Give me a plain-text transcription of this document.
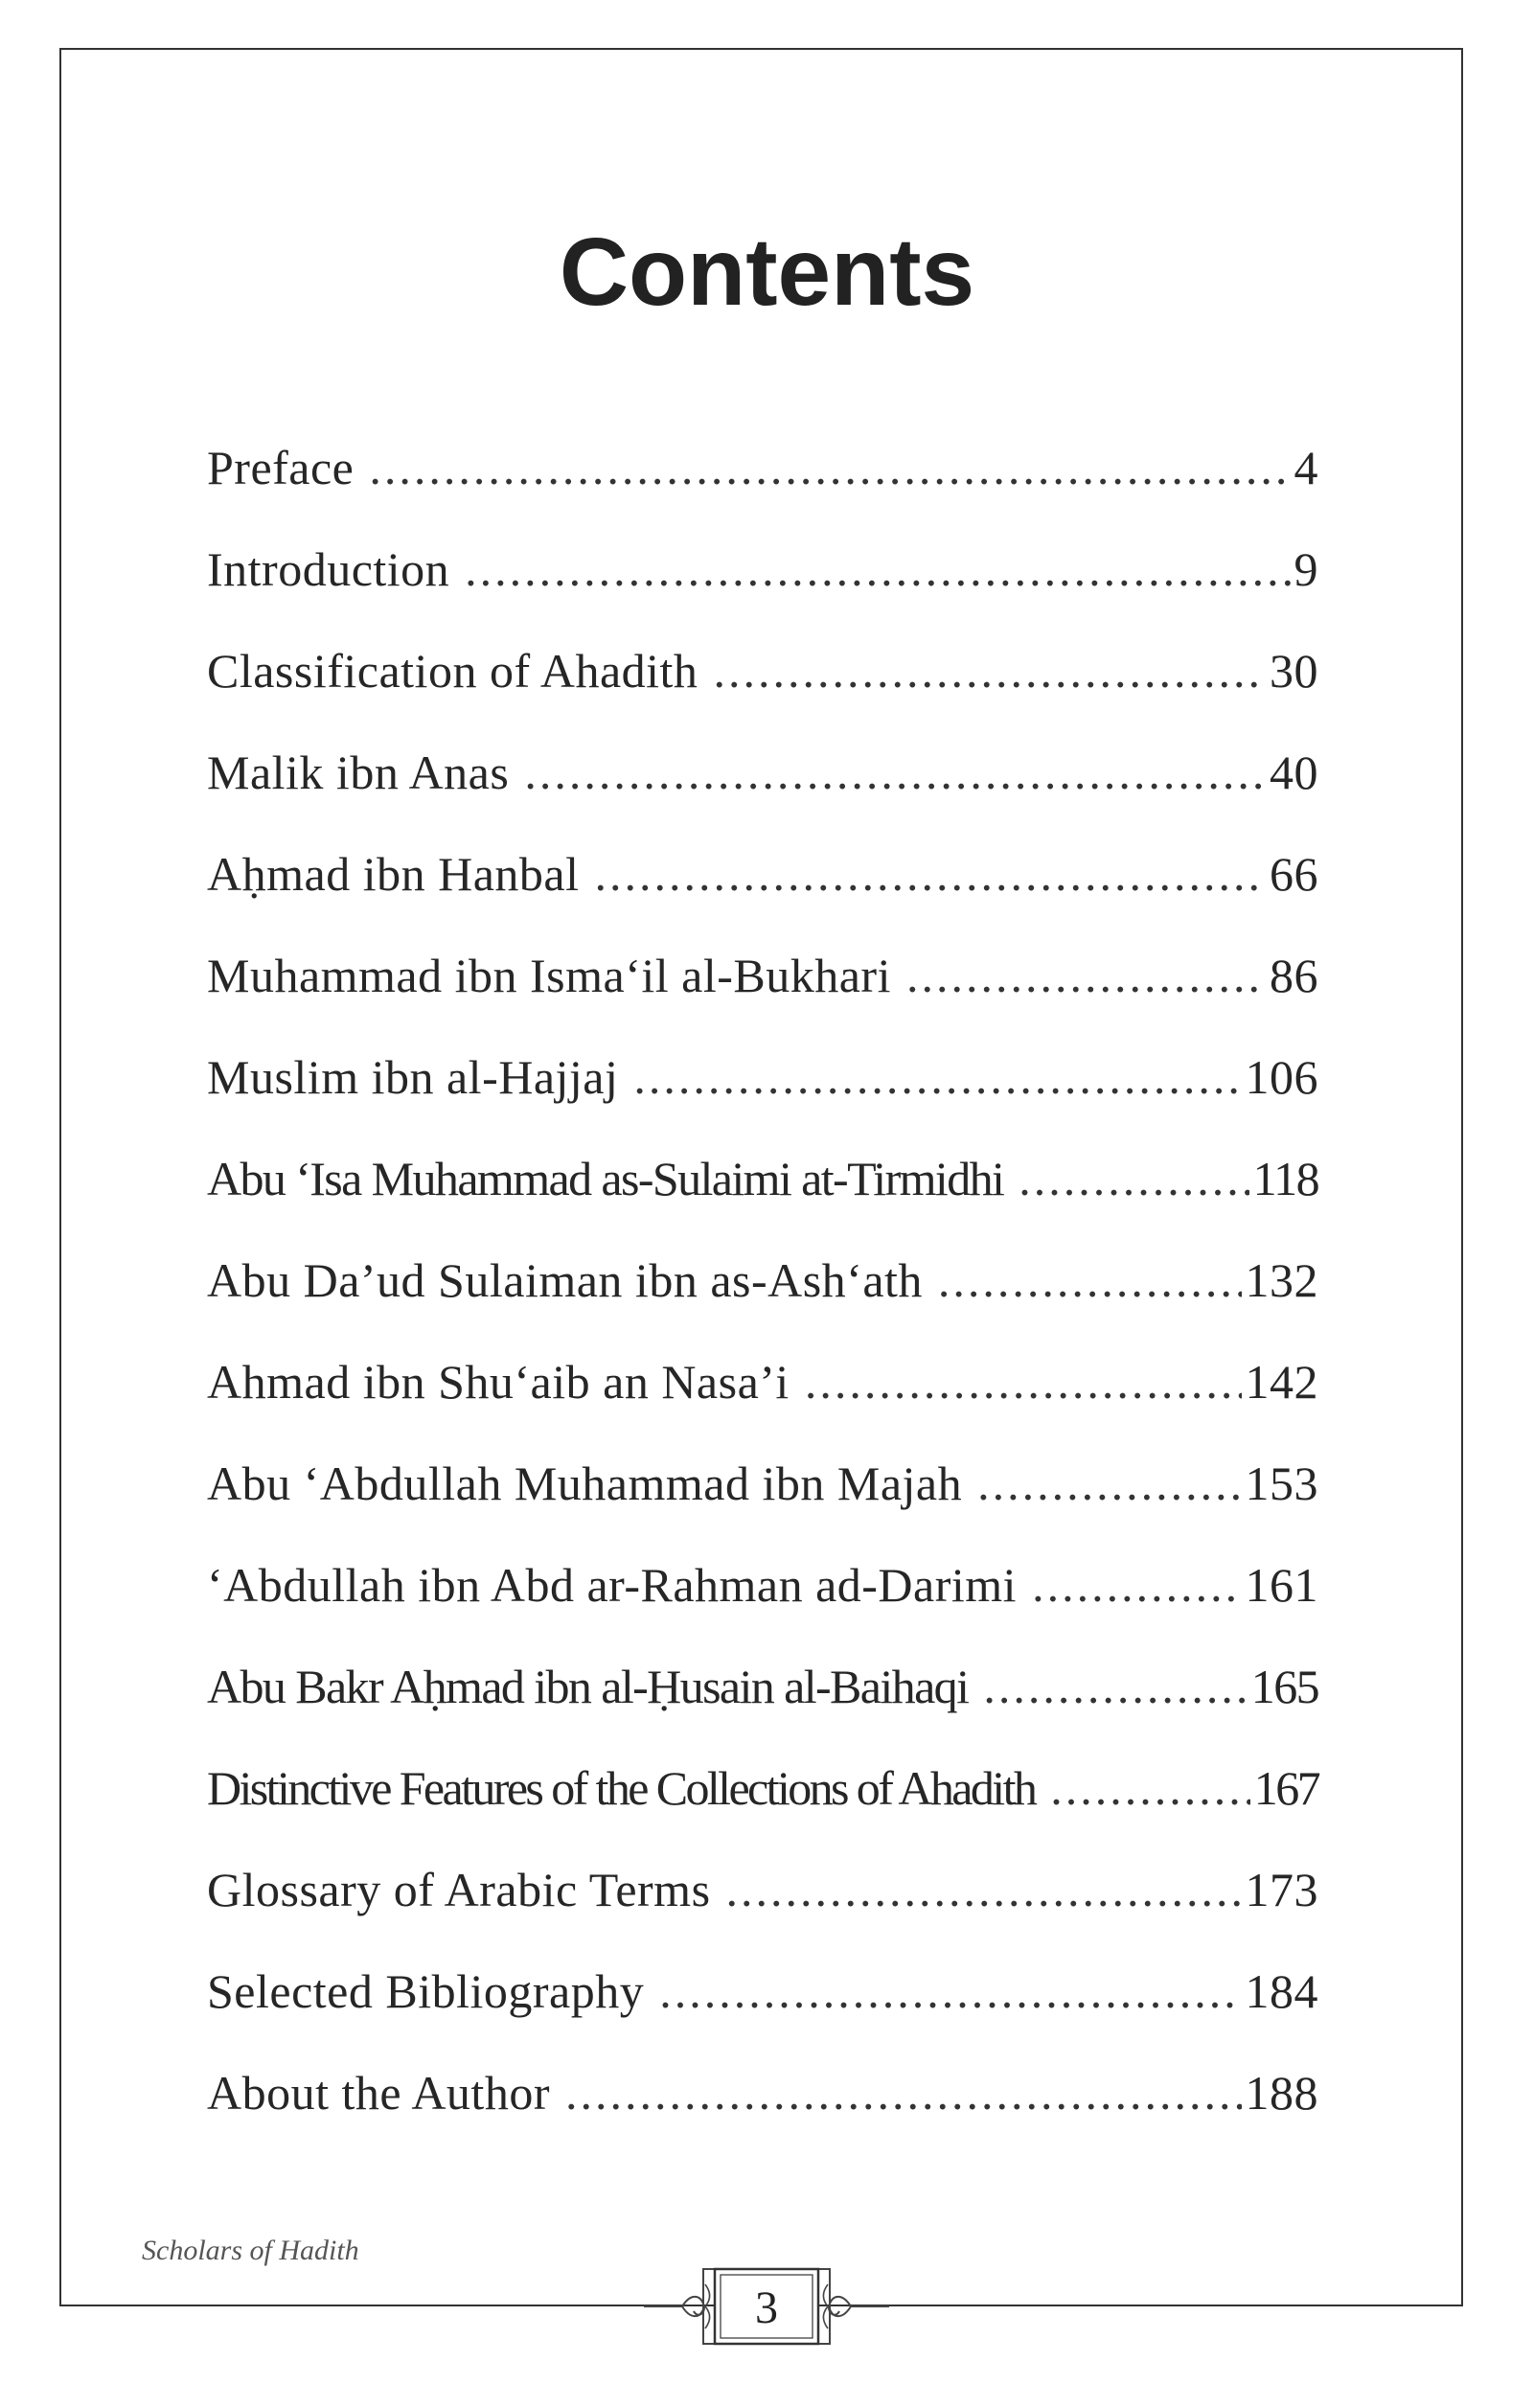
Contents
Preface .....	4
Introduction .....	9
Classification of Ahadith .....	30
Malik ibn Anas .....	40
Aḥmad ibn Hanbal .....	66
Muhammad ibn Isma‘il al-Bukhari .....	86
Muslim ibn al-Hajjaj .....	106
Abu ‘Isa Muhammad as-Sulaimi at-Tirmidhi .....	118
Abu Da’ud Sulaiman ibn as-Ash‘ath .....	132
Ahmad ibn Shu‘aib an Nasa’i .....	142
Abu ‘Abdullah Muhammad ibn Majah .....	153
‘Abdullah ibn Abd ar-Rahman ad-Darimi .....	161
Abu Bakr Aḥmad ibn al-Ḥusain al-Baihaqi .....	165
Distinctive Features of the Collections of Ahadith .....	167
Glossary of Arabic Terms .....	173
Selected Bibliography .....	184
About the Author .....	188

Scholars of Hadith

3
